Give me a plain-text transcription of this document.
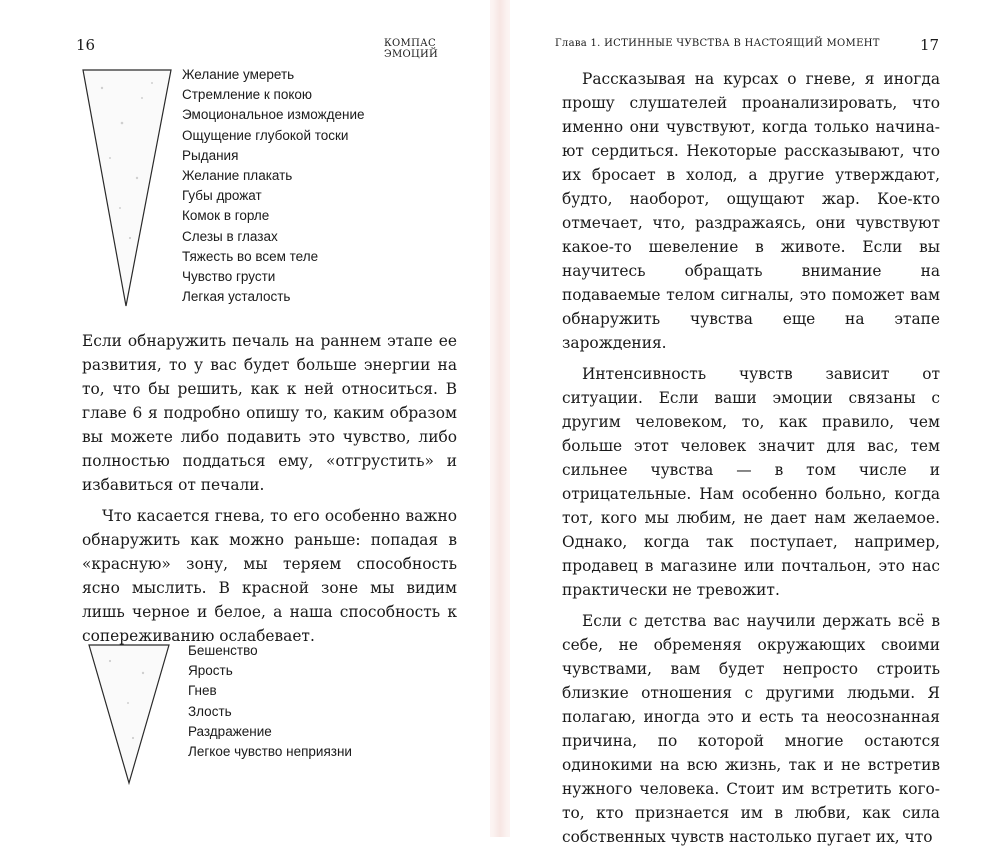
16	КОМПАС ЭМОЦИЙ
Желание умереть
Стремление к покою
Эмоциональное измождение
Ощущение глубокой тоски
Рыдания
Желание плакать
Губы дрожат
Комок в горле
Слезы в глазах
Тяжесть во всем теле
Чувство грусти
Легкая усталость

Если обнаружить печаль на раннем этапе ее развития, то у вас будет больше энергии на то, что бы решить, как к ней относиться. В главе 6 я подробно опишу то, каким образом вы можете либо подавить это чувство, либо полностью поддаться ему, «отгрустить» и избавиться от печали.

Что касается гнева, то его особенно важно обнаружить как можно раньше: попадая в «красную» зону, мы теряем способность ясно мыслить. В красной зоне мы видим лишь черное и белое, а наша способность к сопереживанию ослабевает.

Бешенство
Ярость
Гнев
Злость
Раздражение
Легкое чувство неприязни
Глава 1. ИСТИННЫЕ ЧУВСТВА В НАСТОЯЩИЙ МОМЕНТ	17

Рассказывая на курсах о гневе, я иногда прошу слушателей проанализировать, что именно они чувствуют, когда только начинают сердиться. Некоторые рассказывают, что их бросает в холод, а другие утверждают, будто, наоборот, ощущают жар. Кое-кто отмечает, что, раздражаясь, они чувствуют какое-то шевеление в животе. Если вы научитесь обращать внимание на подаваемые телом сигналы, это поможет вам обнаружить чувства еще на этапе зарождения.

Интенсивность чувств зависит от ситуации. Если ваши эмоции связаны с другим человеком, то, как правило, чем больше этот человек значит для вас, тем сильнее чувства — в том числе и отрицательные. Нам особенно больно, когда тот, кого мы любим, не дает нам желаемое. Однако, когда так поступает, например, продавец в магазине или почтальон, это нас практически не тревожит.

Если с детства вас научили держать всё в себе, не обременяя окружающих своими чувствами, вам будет непросто строить близкие отношения с другими людьми. Я полагаю, иногда это и есть та неосознанная причина, по которой многие остаются одинокими на всю жизнь, так и не встретив нужного человека. Стоит им встретить кого-то, кто признается им в любви, как сила собственных чувств настолько пугает их, что
